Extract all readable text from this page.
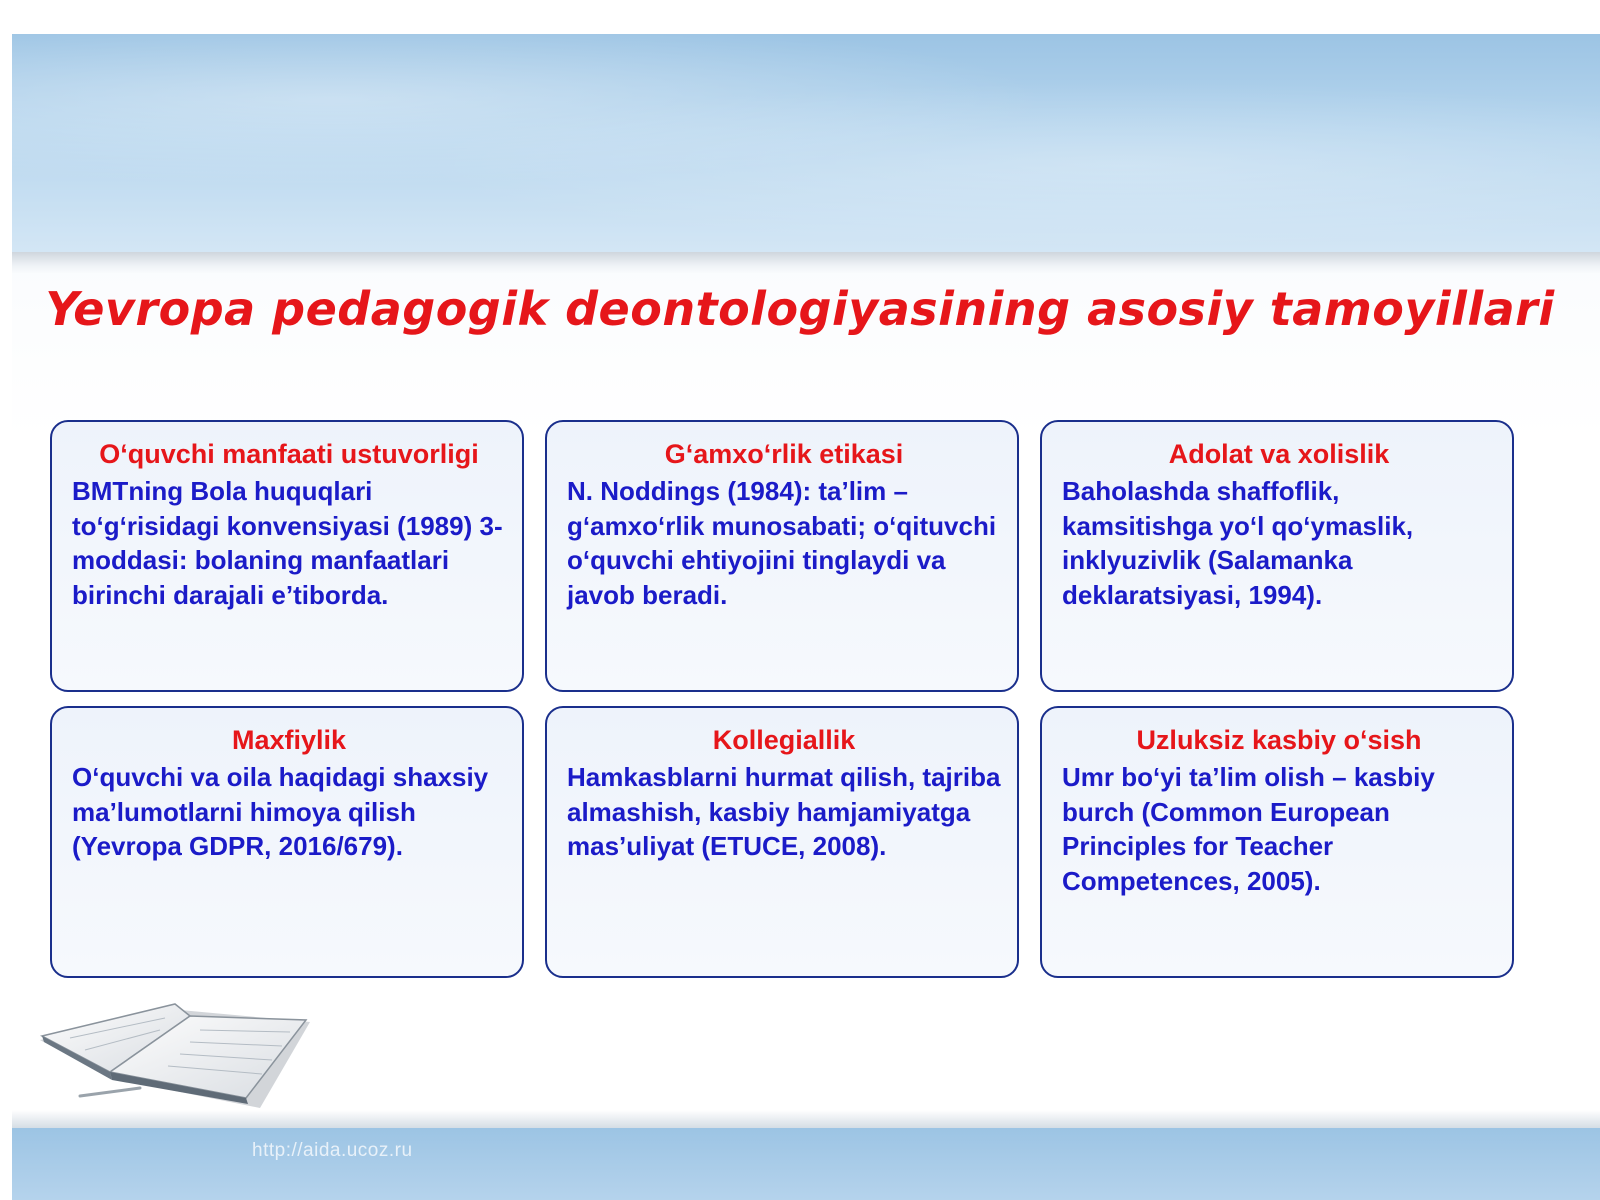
Yevropa pedagogik deontologiyasining asosiy tamoyillari
O‘quvchi manfaati ustuvorligi
BMTning Bola huquqlari to‘g‘risidagi konvensiyasi (1989) 3-moddasi: bolaning manfaatlari birinchi darajali e’tiborda.
G‘amxo‘rlik etikasi
N. Noddings (1984): ta’lim – g‘amxo‘rlik munosabati; o‘qituvchi o‘quvchi ehtiyojini tinglaydi va javob beradi.
Adolat va xolislik
Baholashda shaffoflik, kamsitishga yo‘l qo‘ymaslik, inklyuzivlik (Salamanka deklaratsiyasi, 1994).
Maxfiylik
O‘quvchi va oila haqidagi shaxsiy ma’lumotlarni himoya qilish (Yevropa GDPR, 2016/679).
Kollegiallik
Hamkasblarni hurmat qilish, tajriba almashish, kasbiy hamjamiyatga mas’uliyat (ETUCE, 2008).
Uzluksiz kasbiy o‘sish
Umr bo‘yi ta’lim olish – kasbiy burch (Common European Principles for Teacher Competences, 2005).
http://aida.ucoz.ru
